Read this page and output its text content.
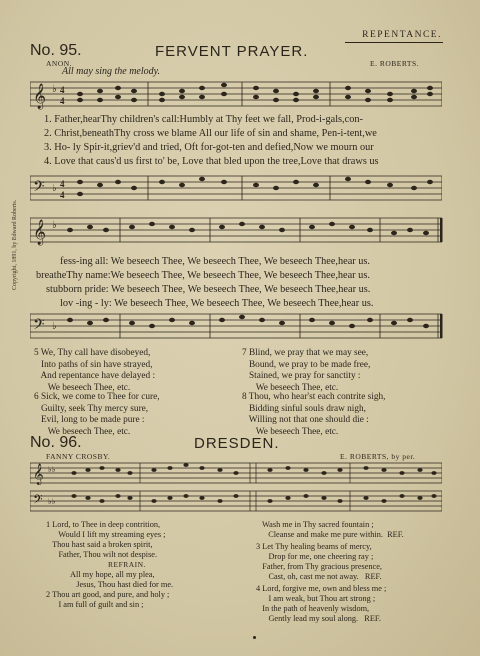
REPENTANCE.
No. 95.	FERVENT PRAYER.
ANON.	E. ROBERTS.
All may sing the melody.
𝄞 ♭ 4
4
1. Father,hearThy children's call:Humbly at Thy feet we fall, Prod-i-gals,con-
2. Christ,beneathThy cross we blame All our life of sin and shame, Pen-i-tent,we
3. Ho- ly Spir-it,griev'd and tried, Oft for-got-ten and defied,Now we mourn our
4. Love that caus'd us first to' be, Love that bled upon the tree,Love that draws us
𝄢 ♭ 4
4
𝄞 ♭
fess-ing all: We beseech Thee, We beseech Thee, We beseech Thee,hear us.
breatheThy name:We beseech Thee, We beseech Thee, We beseech Thee,hear us.
stubborn pride: We beseech Thee, We beseech Thee, We beseech Thee,hear us.
lov -ing - ly: We beseech Thee, We beseech Thee, We beseech Thee,hear us.
𝄢 ♭
5 We, Thy call have disobeyed,
Into paths of sin have strayed,
And repentance have delayed :
We beseech Thee, etc.
6 Sick, we come to Thee for cure,
Guilty, seek Thy mercy sure,
Evil, long to be made pure :
We beseech Thee, etc.
7 Blind, we pray that we may see,
Bound, we pray to be made free,
Stained, we pray for sanctity :
We beseech Thee, etc.
8 Thou, who hear'st each contrite sigh,
Bidding sinful souls draw nigh,
Willing not that one should die :
We beseech Thee, etc.
No. 96.	DRESDEN.
FANNY CROSBY.	E. ROBERTS, by per.
𝄞 ♭♭
𝄢 ♭♭
1 Lord, to Thee in deep contrition,
Would I lift my streaming eyes ;
Thou hast said a broken spirit,
Father, Thou wilt not despise.
REFRAIN.
All my hope, all my plea,
Jesus, Thou hast died for me.
2 Thou art good, and pure, and holy ;
I am full of guilt and sin ;
Wash me in Thy sacred fountain ;
Cleanse and make me pure within.  REF.
3 Let Thy healing beams of mercy,
Drop for me, one cheering ray ;
Father, from Thy gracious presence,
Cast, oh, cast me not away.   REF.
4 Lord, forgive me, own and bless me ;
I am weak, but Thou art strong ;
In the path of heavenly wisdom,
Gently lead my soul along.   REF.
Copyright, 1891, by Edward Roberts.
